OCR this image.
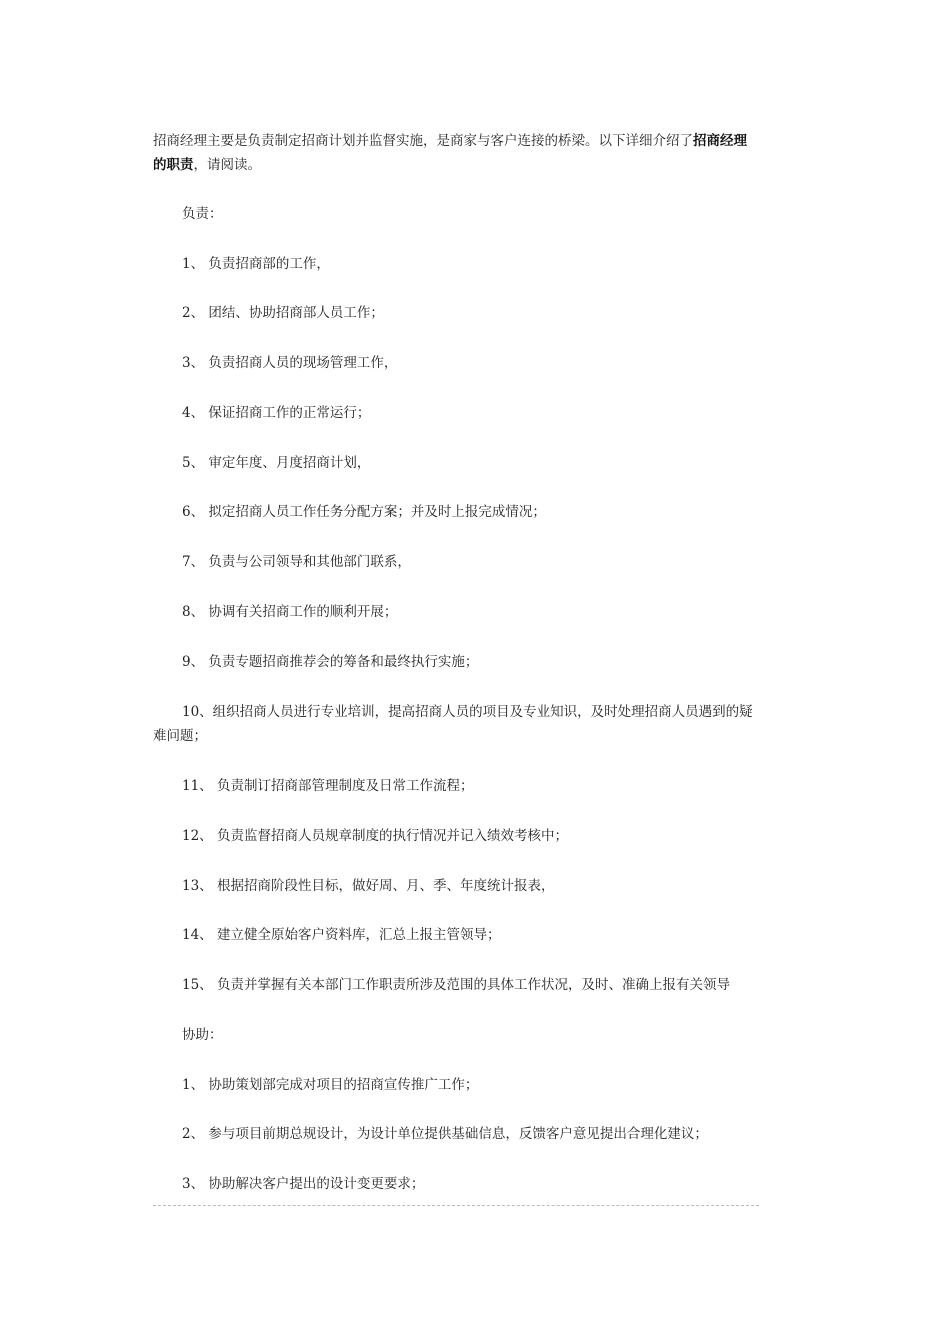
招商经理主要是负责制定招商计划并监督实施，是商家与客户连接的桥梁。以下详细介绍了招商经理的职责，请阅读。

负责：

1、 负责招商部的工作，

2、 团结、协助招商部人员工作；

3、 负责招商人员的现场管理工作，

4、 保证招商工作的正常运行；

5、 审定年度、月度招商计划，

6、 拟定招商人员工作任务分配方案；并及时上报完成情况；

7、 负责与公司领导和其他部门联系，

8、 协调有关招商工作的顺利开展；

9、 负责专题招商推荐会的筹备和最终执行实施；

10、组织招商人员进行专业培训，提高招商人员的项目及专业知识，及时处理招商人员遇到的疑难问题；

11、 负责制订招商部管理制度及日常工作流程；

12、 负责监督招商人员规章制度的执行情况并记入绩效考核中；

13、 根据招商阶段性目标，做好周、月、季、年度统计报表，

14、 建立健全原始客户资料库，汇总上报主管领导；

15、 负责并掌握有关本部门工作职责所涉及范围的具体工作状况，及时、准确上报有关领导

协助：

1、 协助策划部完成对项目的招商宣传推广工作；

2、 参与项目前期总规设计，为设计单位提供基础信息，反馈客户意见提出合理化建议；

3、 协助解决客户提出的设计变更要求；
